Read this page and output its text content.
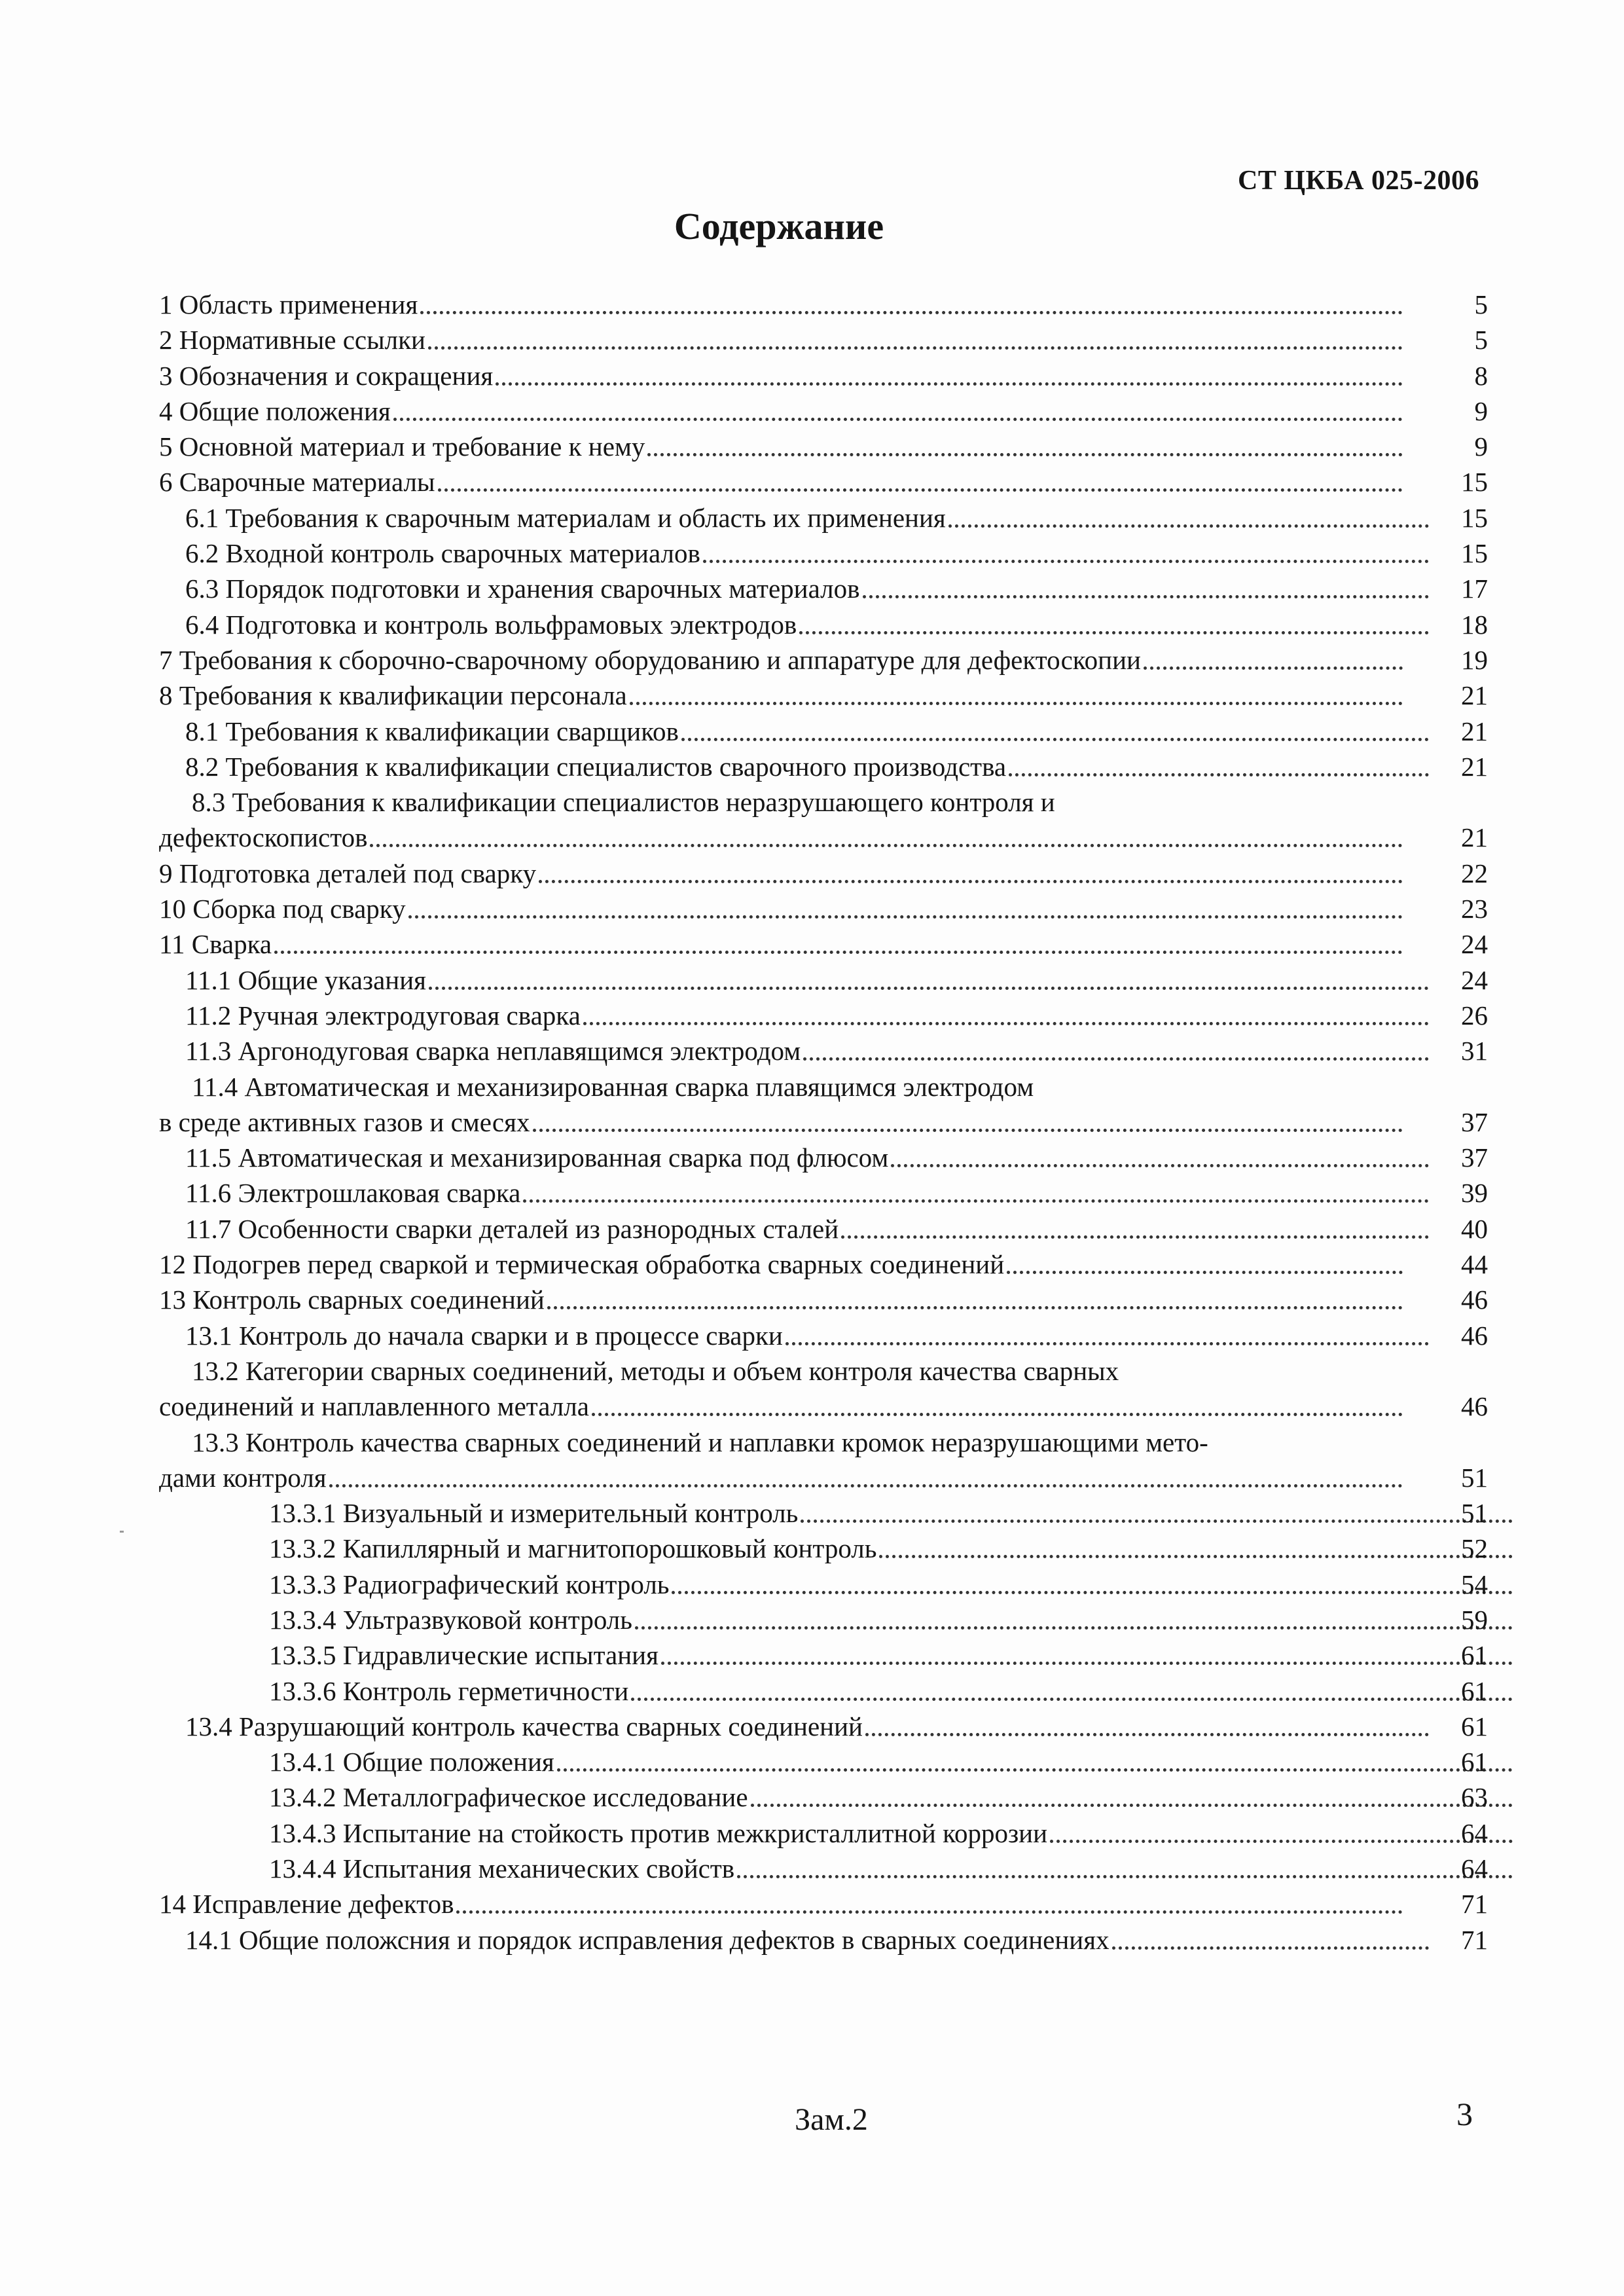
СТ ЦКБА 025-2006
Содержание
1 Область применения	5
2 Нормативные ссылки	5
3 Обозначения и сокращения	8
4 Общие положения	9
5 Основной материал и требование к нему	9
6 Сварочные материалы	15
6.1 Требования к сварочным материалам и область их применения	15
6.2 Входной контроль сварочных материалов	15
6.3 Порядок подготовки и хранения сварочных материалов	17
6.4 Подготовка и контроль вольфрамовых электродов	18
7 Требования к сборочно-сварочному оборудованию и аппаратуре для дефектоскопии	19
8 Требования к квалификации персонала	21
8.1 Требования к квалификации сварщиков	21
8.2 Требования к квалификации специалистов сварочного производства	21
8.3 Требования к квалификации специалистов неразрушающего контроля и
дефектоскопистов	21
9 Подготовка деталей под сварку	22
10 Сборка под сварку	23
11 Сварка	24
11.1 Общие указания	24
11.2 Ручная электродуговая сварка	26
11.3 Аргонодуговая сварка неплавящимся электродом	31
11.4 Автоматическая и механизированная сварка плавящимся электродом
в среде активных газов и смесях	37
11.5 Автоматическая и механизированная сварка под флюсом	37
11.6 Электрошлаковая сварка	39
11.7 Особенности сварки деталей из разнородных сталей	40
12 Подогрев перед сваркой и термическая обработка сварных соединений	44
13 Контроль сварных соединений	46
13.1 Контроль до начала сварки и в процессе сварки	46
13.2 Категории сварных соединений, методы и объем контроля качества сварных
соединений и наплавленного металла	46
13.3 Контроль качества сварных соединений и наплавки кромок неразрушающими мето-
дами контроля	51
13.3.1 Визуальный и измерительный контроль	51
13.3.2 Капиллярный и магнитопорошковый контроль	52
13.3.3 Радиографический контроль	54
13.3.4 Ультразвуковой контроль	59
13.3.5 Гидравлические испытания	61
13.3.6 Контроль герметичности	61
13.4 Разрушающий контроль качества сварных соединений	61
13.4.1 Общие положения	61
13.4.2 Металлографическое исследование	63
13.4.3 Испытание на стойкость против межкристаллитной коррозии	64
13.4.4 Испытания механических свойств	64
14 Исправление дефектов	71
14.1 Общие положсния и порядок исправления дефектов в сварных соединениях	71
Зам.2	3
